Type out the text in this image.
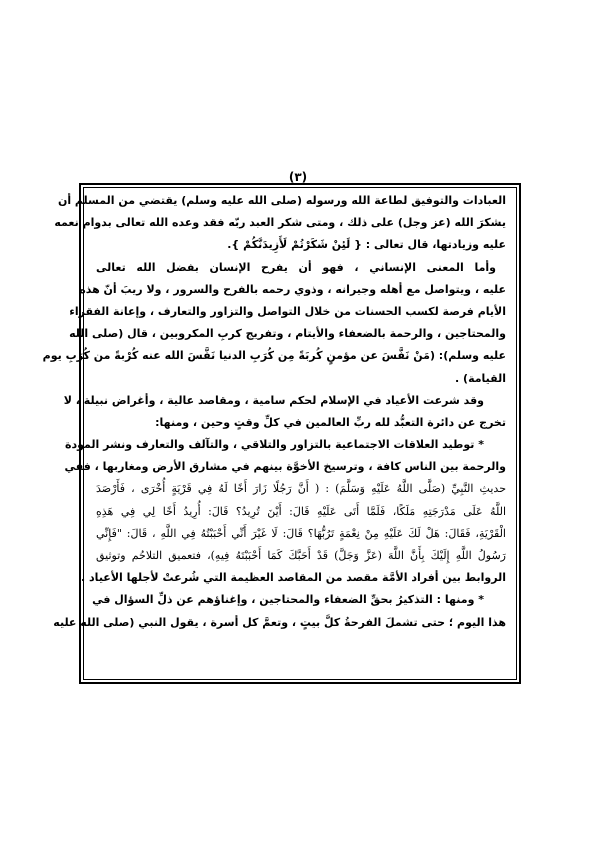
(٣)
العبادات والتوفيق لطاعة الله ورسوله (صلى الله عليه وسلم) يقتضي من المسلم أن
يشكرَ الله (عز وجل) على ذلك ، ومتى شكر العبد ربّه فقد وعده الله تعالى بدوام نعمه
عليه وزيادتها، قال تعالى : { لَئِنْ شَكَرْتُمْ لَأَزِيدَنَّكُمْ }.
وأما المعنى الإنساني ، فهو أن يفرح الإنسان بفضل الله تعالى
عليه ، ويتواصل مع أهله وجيرانه ، وذوي رحمه بالفرح والسرور ، ولا ريبَ أنّ هذه
الأيام فرصة لكسب الحسنات من خلال التواصل والتزاور والتعارف ، وإعانة الفقراء
والمحتاجين ، والرحمة بالضعفاء والأيتام ، وتفريج كربِ المكروبين ، قال (صلى الله
عليه وسلم): (مَنْ نَفَّسَ عن مؤمنٍ كُربَةً مِن كُرَبِ الدنيا نَفَّسَ الله عنه كُرْبةً من كُرَبِ يوم
القيامة) .
وقد شرعت الأعياد في الإسلام لحكم سامية ، ومقاصد عالية ، وأغراض نبيلة ، لا
تخرج عن دائرة التعبُّد لله ربِّ العالمين في كلِّ وقتٍ وحين ، ومنها:
* توطيد العلاقات الاجتماعية بالتزاور والتلاقي ، والتآلف والتعارف ونشر المودة
والرحمة بين الناس كافة ، وترسيخ الأخوَّة بينهم في مشارق الأرض ومغاربها ، ففي
حديثِ النَّبِيِّ (صَلَّى اللَّهُ عَلَيْهِ وَسَلَّمَ) : ( أَنَّ رَجُلًا زَارَ أَخًا لَهُ فِي قَرْيَةٍ أُخْرَى ، فَأَرْصَدَ
اللَّهُ عَلَى مَدْرَجَتِهِ مَلَكًا، فَلَمَّا أَتَى عَلَيْهِ قَالَ: أَيْنَ تُرِيدُ؟ قَالَ: أُرِيدُ أَخًا لِي فِي هَذِهِ
الْقَرْيَةِ، فَقَالَ: هَلْ لَكَ عَلَيْهِ مِنْ نِعْمَةٍ تَرُبُّهَا؟ قَالَ: لَا غَيْرَ أَنِّي أَحْبَبْتُهُ فِي اللَّهِ ، قَالَ: "فَإِنِّي
رَسُولُ اللَّهِ إِلَيْكَ بِأَنَّ اللَّهَ (عَزَّ وَجَلَّ) قَدْ أَحَبَّكَ كَمَا أَحْبَبْتَهُ فِيهِ)، فتعميق التلاحُم وتوثيق
الروابط بين أفراد الأمَّة مقصد من المقاصد العظيمة التي شُرعتْ لأجلها الأعياد .
* ومنها : التذكيرُ بحقِّ الضعفاء والمحتاجين ، وإغناؤهم عن ذلِّ السؤال في
هذا اليوم ؛ حتى تشملَ الفرحةُ كلَّ بيتٍ ، وتعمَّ كل أسرة ، يقول النبي (صلى الله عليه
